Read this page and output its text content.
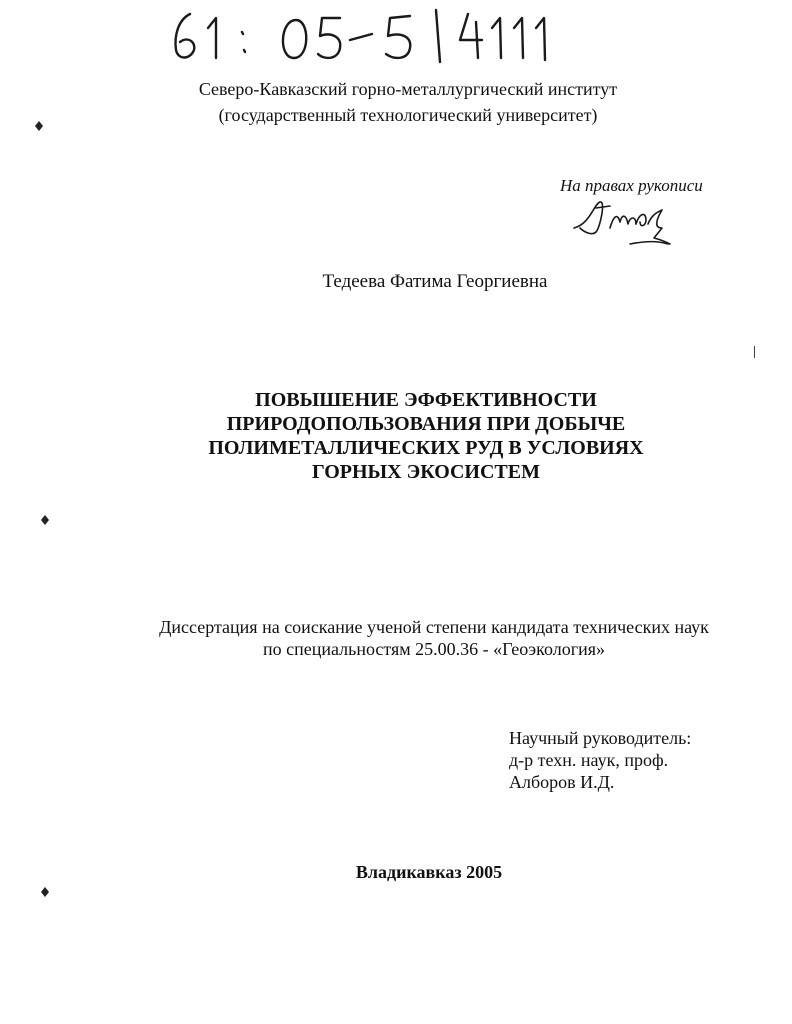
Северо-Кавказский горно-металлургический институт
(государственный технологический университет)
На правах рукописи
Тедеева Фатима Георгиевна
ПОВЫШЕНИЕ ЭФФЕКТИВНОСТИ
ПРИРОДОПОЛЬЗОВАНИЯ ПРИ ДОБЫЧЕ
ПОЛИМЕТАЛЛИЧЕСКИХ РУД В УСЛОВИЯХ
ГОРНЫХ ЭКОСИСТЕМ
Диссертация на соискание ученой степени кандидата технических наук
по специальностям 25.00.36 - «Геоэкология»
Научный руководитель:
д-р техн. наук, проф.
Алборов И.Д.
Владикавказ 2005
